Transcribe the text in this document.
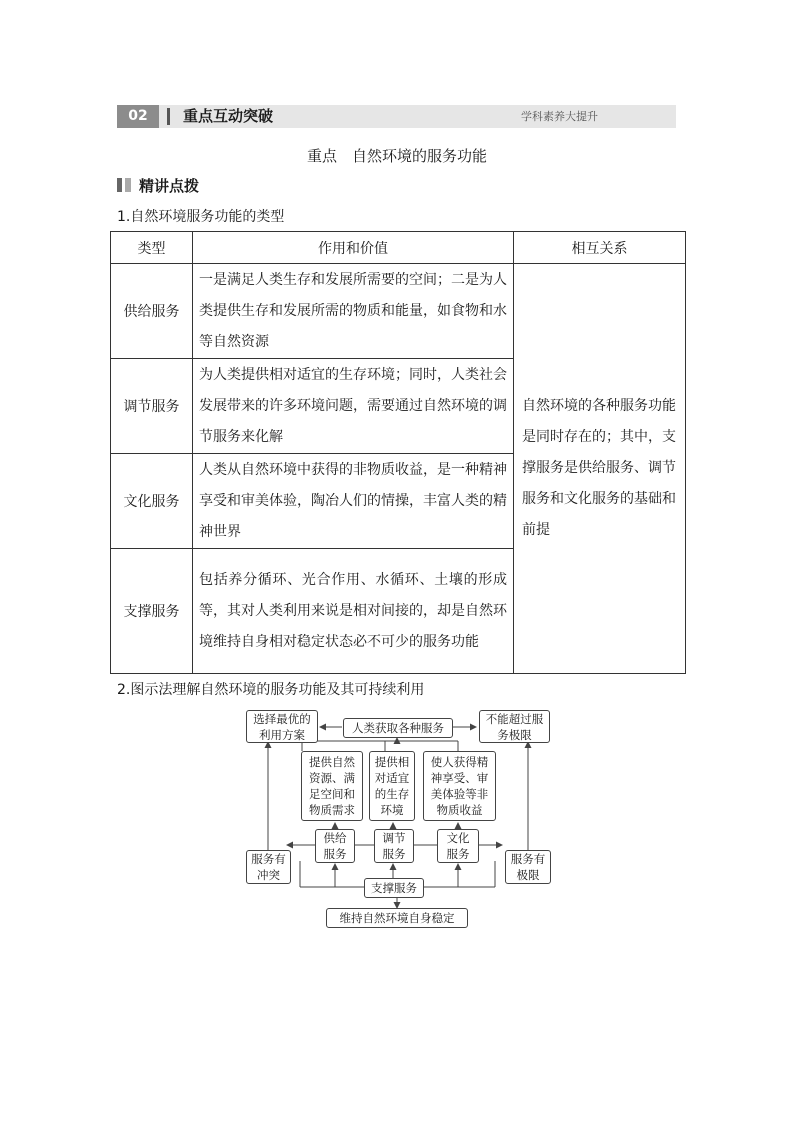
02	重点互动突破	学科素养大提升
重点　自然环境的服务功能
精讲点拨
1.自然环境服务功能的类型
类型	作用和价值	相互关系
供给服务	一是满足人类生存和发展所需要的空间；二是为人类提供生存和发展所需的物质和能量，如食物和水等自然资源	自然环境的各种服务功能是同时存在的；其中，支撑服务是供给服务、调节服务和文化服务的基础和前提
调节服务	为人类提供相对适宜的生存环境；同时，人类社会发展带来的许多环境问题，需要通过自然环境的调节服务来化解	
文化服务	人类从自然环境中获得的非物质收益，是一种精神享受和审美体验，陶冶人们的情操，丰富人类的精神世界	
支撑服务	包括养分循环、光合作用、水循环、土壤的形成等，其对人类利用来说是相对间接的，却是自然环境维持自身相对稳定状态必不可少的服务功能	
2.图示法理解自然环境的服务功能及其可持续利用
选择最优的利用方案	人类获取各种服务
不能超过服务极限
提供自然资源、满足空间和物质需求
提供相对适宜的生存环境
使人获得精神享受、审美体验等非物质收益
供给服务
调节服务
文化服务
服务有冲突
服务有极限
支撑服务
维持自然环境自身稳定
